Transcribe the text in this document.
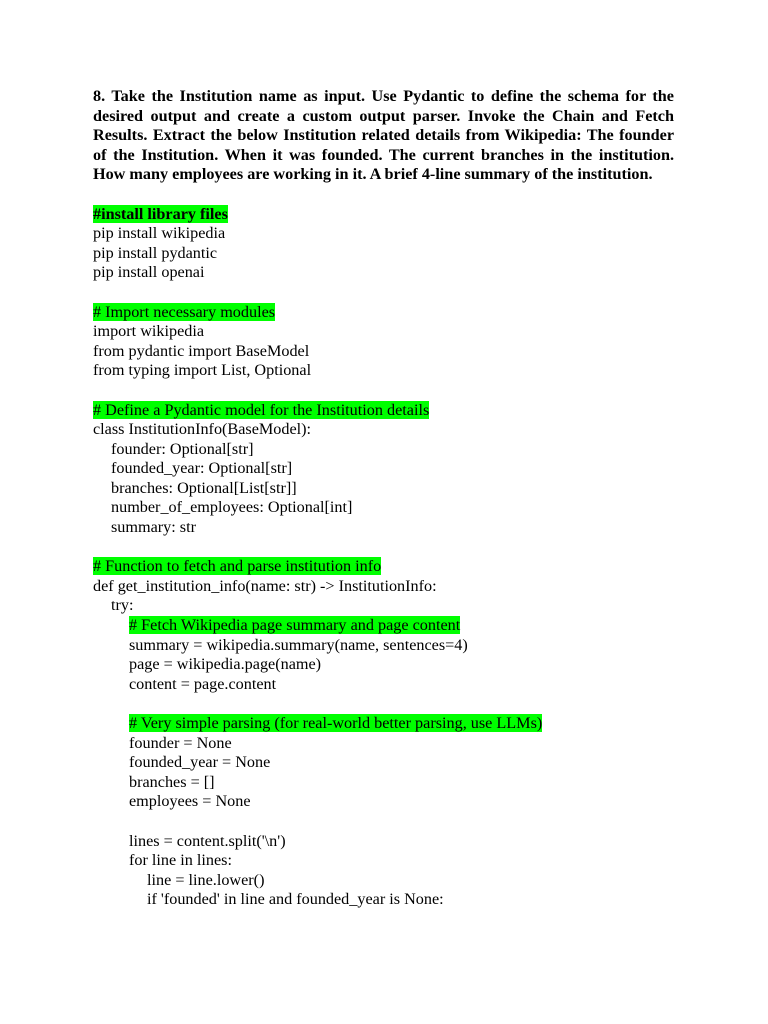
8. Take the Institution name as input. Use Pydantic to define the schema for the desired output and create a custom output parser. Invoke the Chain and Fetch Results. Extract the below Institution related details from Wikipedia: The founder of the Institution. When it was founded. The current branches in the institution. How many employees are working in it. A brief 4-line summary of the institution.

#install library files
pip install wikipedia
pip install pydantic
pip install openai
# Import necessary modules
import wikipedia
from pydantic import BaseModel
from typing import List, Optional
# Define a Pydantic model for the Institution details
class InstitutionInfo(BaseModel):
founder: Optional[str]
founded_year: Optional[str]
branches: Optional[List[str]]
number_of_employees: Optional[int]
summary: str
# Function to fetch and parse institution info
def get_institution_info(name: str) -> InstitutionInfo:
try:
# Fetch Wikipedia page summary and page content
summary = wikipedia.summary(name, sentences=4)
page = wikipedia.page(name)
content = page.content
# Very simple parsing (for real-world better parsing, use LLMs)
founder = None
founded_year = None
branches = []
employees = None
lines = content.split('\n')
for line in lines:
line = line.lower()
if 'founded' in line and founded_year is None:
